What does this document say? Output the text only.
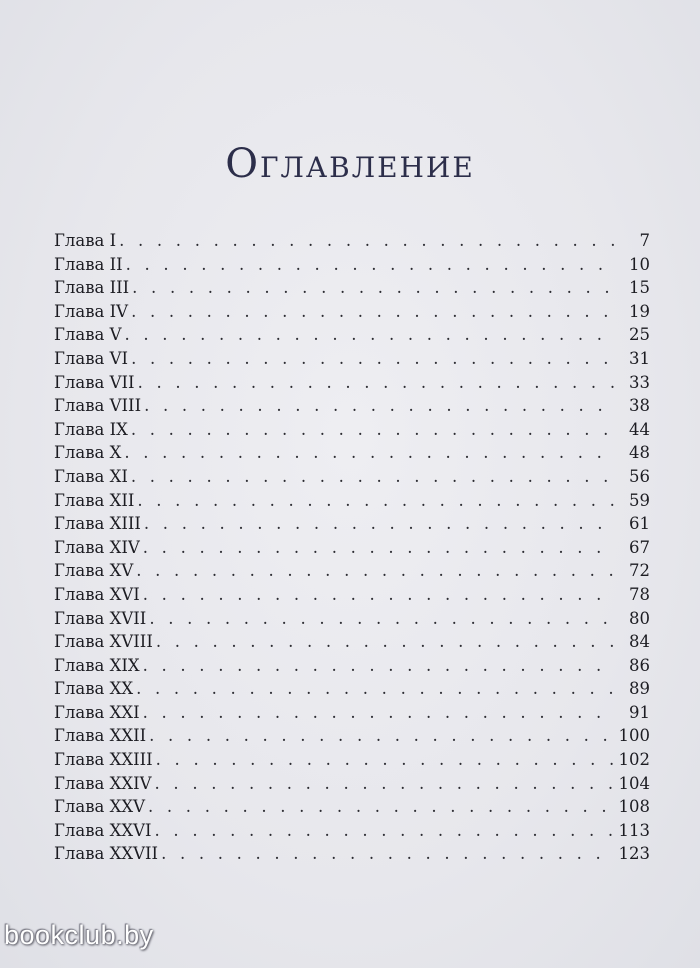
Оглавление
Глава I . . .	7
Глава II . . .	10
Глава III . . .	15
Глава IV . . .	19
Глава V . . .	25
Глава VI . . .	31
Глава VII . . .	33
Глава VIII . . .	38
Глава IX . . .	44
Глава X . . .	48
Глава XI . . .	56
Глава XII . . .	59
Глава XIII . . .	61
Глава XIV . . .	67
Глава XV . . .	72
Глава XVI . . .	78
Глава XVII . . .	80
Глава XVIII . . .	84
Глава XIX . . .	86
Глава XX . . .	89
Глава XXI . . .	91
Глава XXII . . .	100
Глава XXIII . . .	102
Глава XXIV . . .	104
Глава XXV . . .	108
Глава XXVI . . .	113
Глава XXVII . . .	123
bookclub.by
